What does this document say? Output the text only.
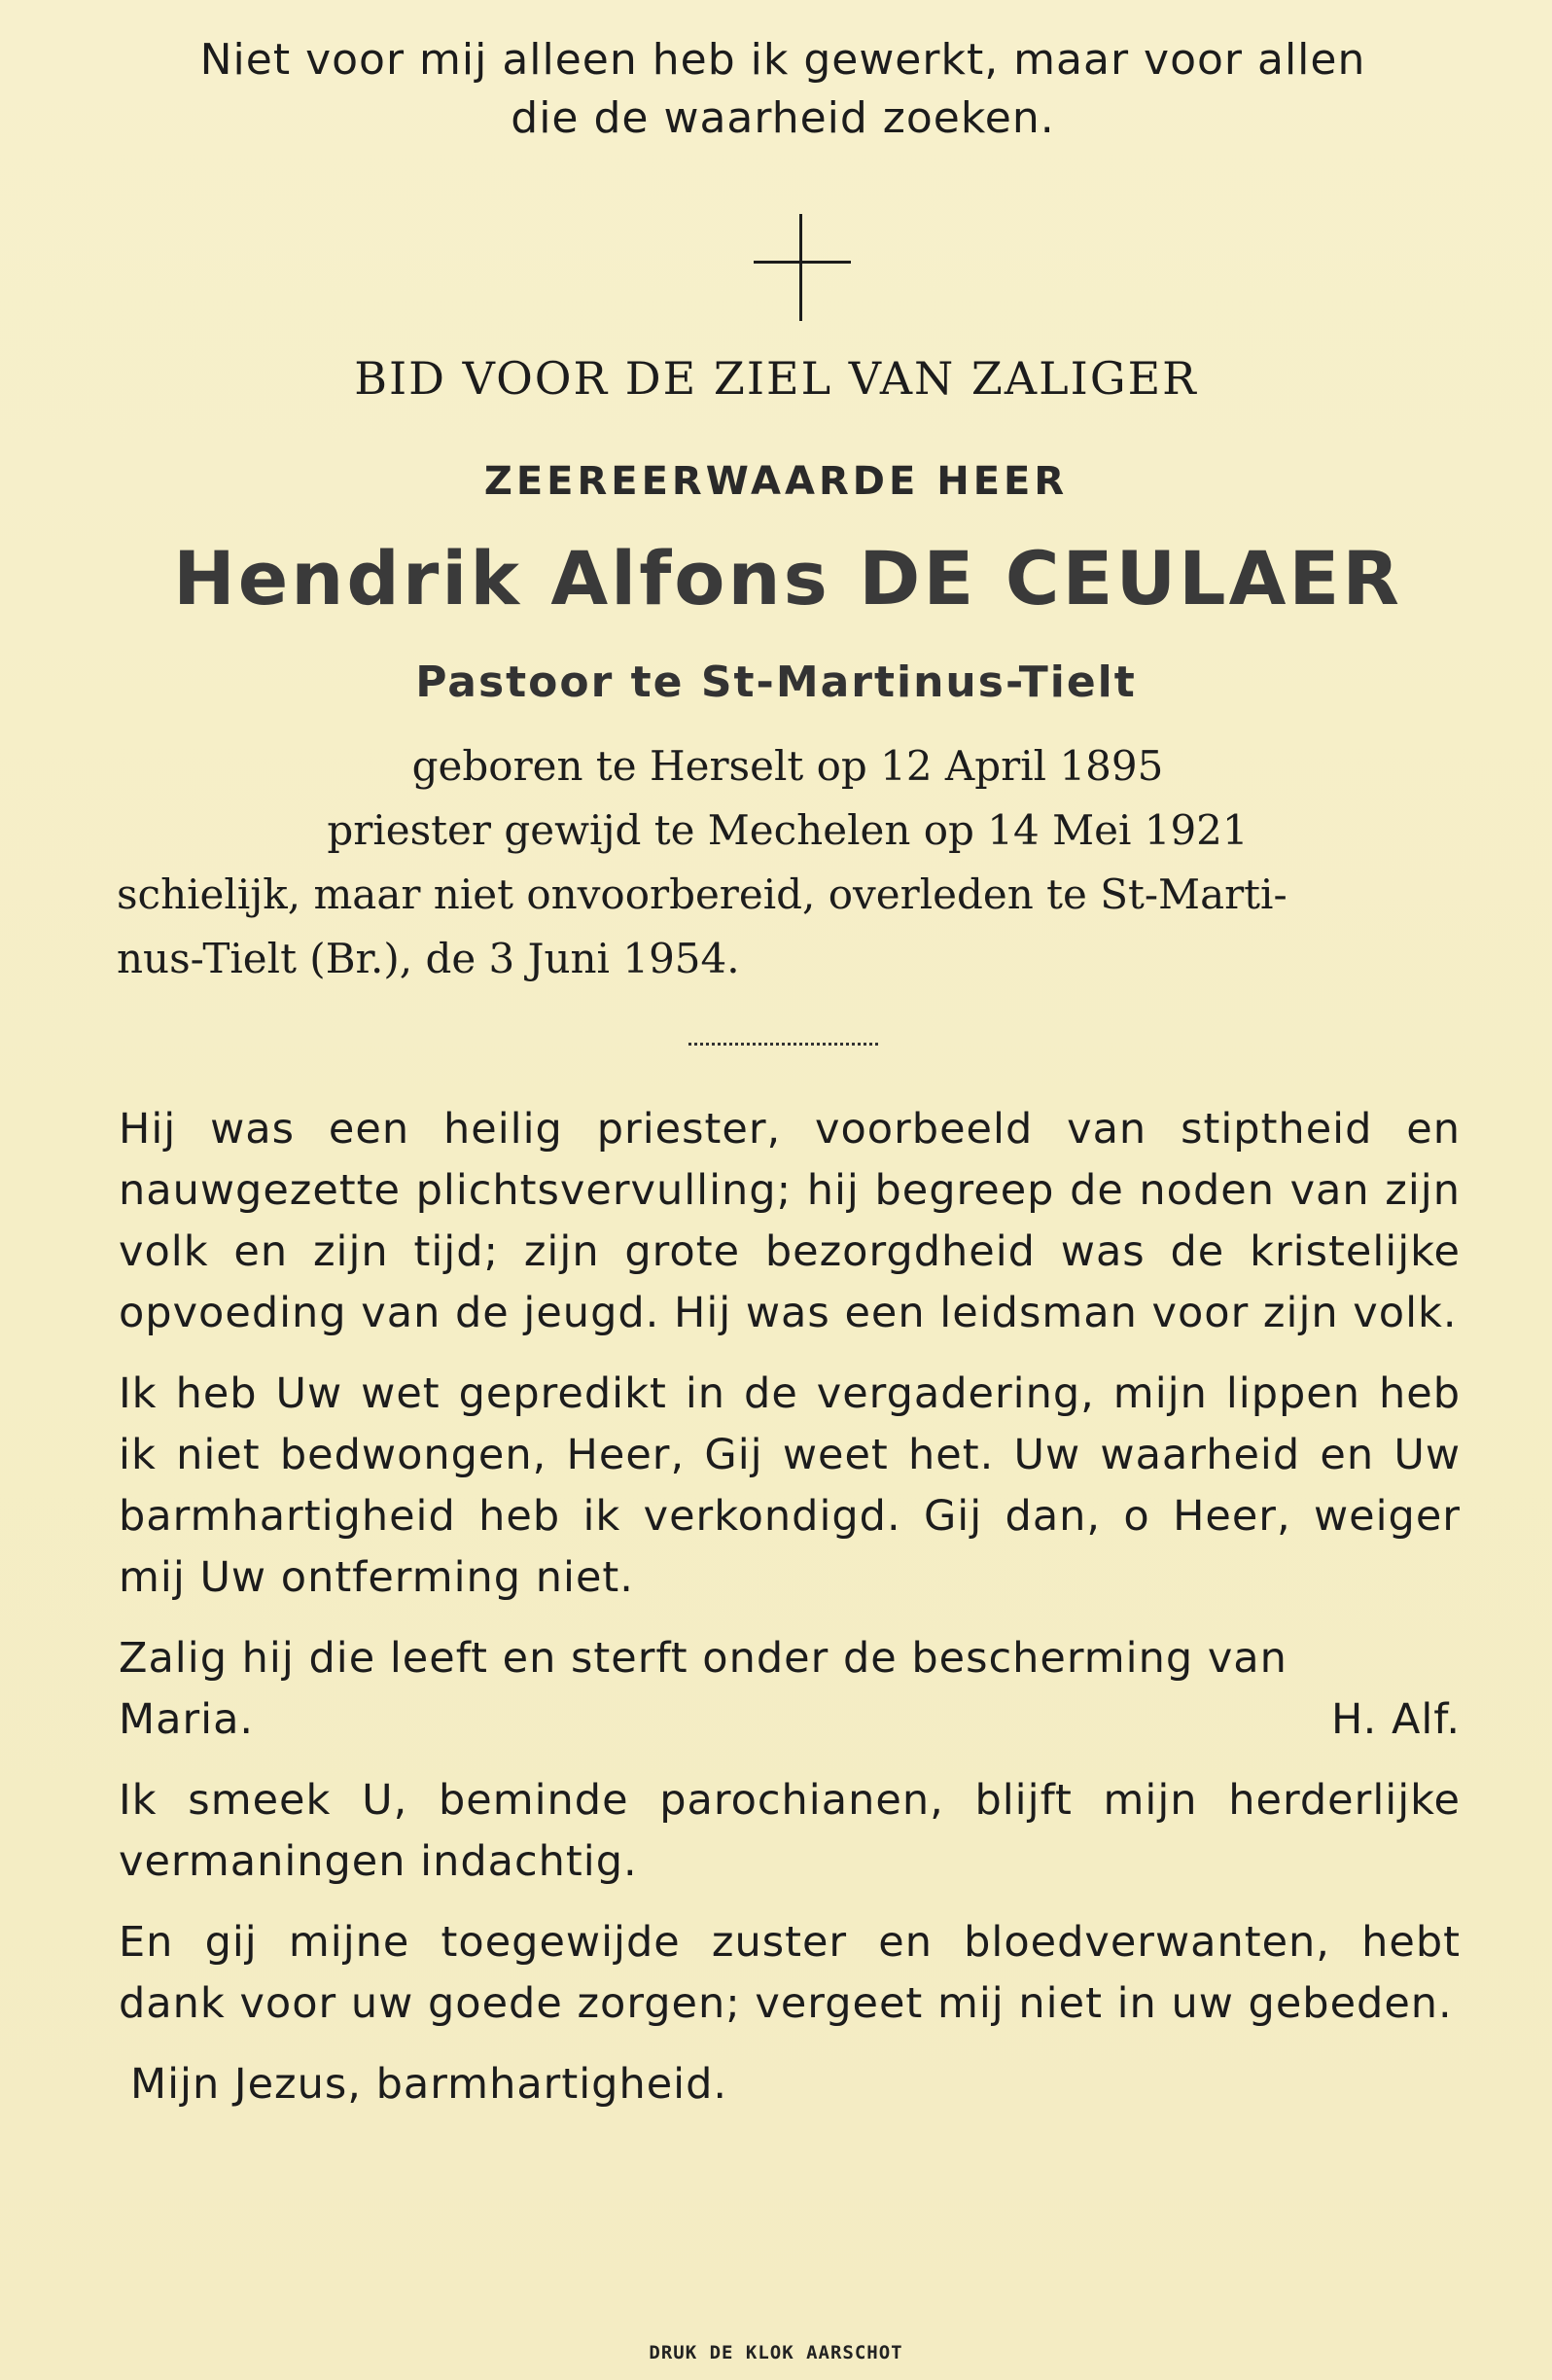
Niet voor mij alleen heb ik gewerkt, maar voor allen
die de waarheid zoeken.
BID VOOR DE ZIEL VAN ZALIGER
ZEEREERWAARDE HEER
Hendrik Alfons DE CEULAER
Pastoor te St-Martinus-Tielt
geboren te Herselt op 12 April 1895
priester gewijd te Mechelen op 14 Mei 1921
schielijk, maar niet onvoorbereid, overleden te St-Marti-
nus-Tielt (Br.), de 3 Juni 1954.

Hij was een heilig priester, voorbeeld van stiptheid en nauwgezette plichtsvervulling; hij begreep de noden van zijn volk en zijn tijd; zijn grote bezorgdheid was de kristelijke opvoeding van de jeugd. Hij was een leidsman voor zijn volk.

Ik heb Uw wet gepredikt in de vergadering, mijn lippen heb ik niet bedwongen, Heer, Gij weet het. Uw waarheid en Uw barmhartigheid heb ik verkondigd. Gij dan, o Heer, weiger mij Uw ontferming niet.

Zalig hij die leeft en sterft onder de bescherming van

Maria.	H. Alf.

Ik smeek U, beminde parochianen, blijft mijn herderlijke vermaningen indachtig.

En gij mijne toegewijde zuster en bloedverwanten, hebt dank voor uw goede zorgen; vergeet mij niet in uw gebeden.

Mijn Jezus, barmhartigheid.

DRUK DE KLOK AARSCHOT
